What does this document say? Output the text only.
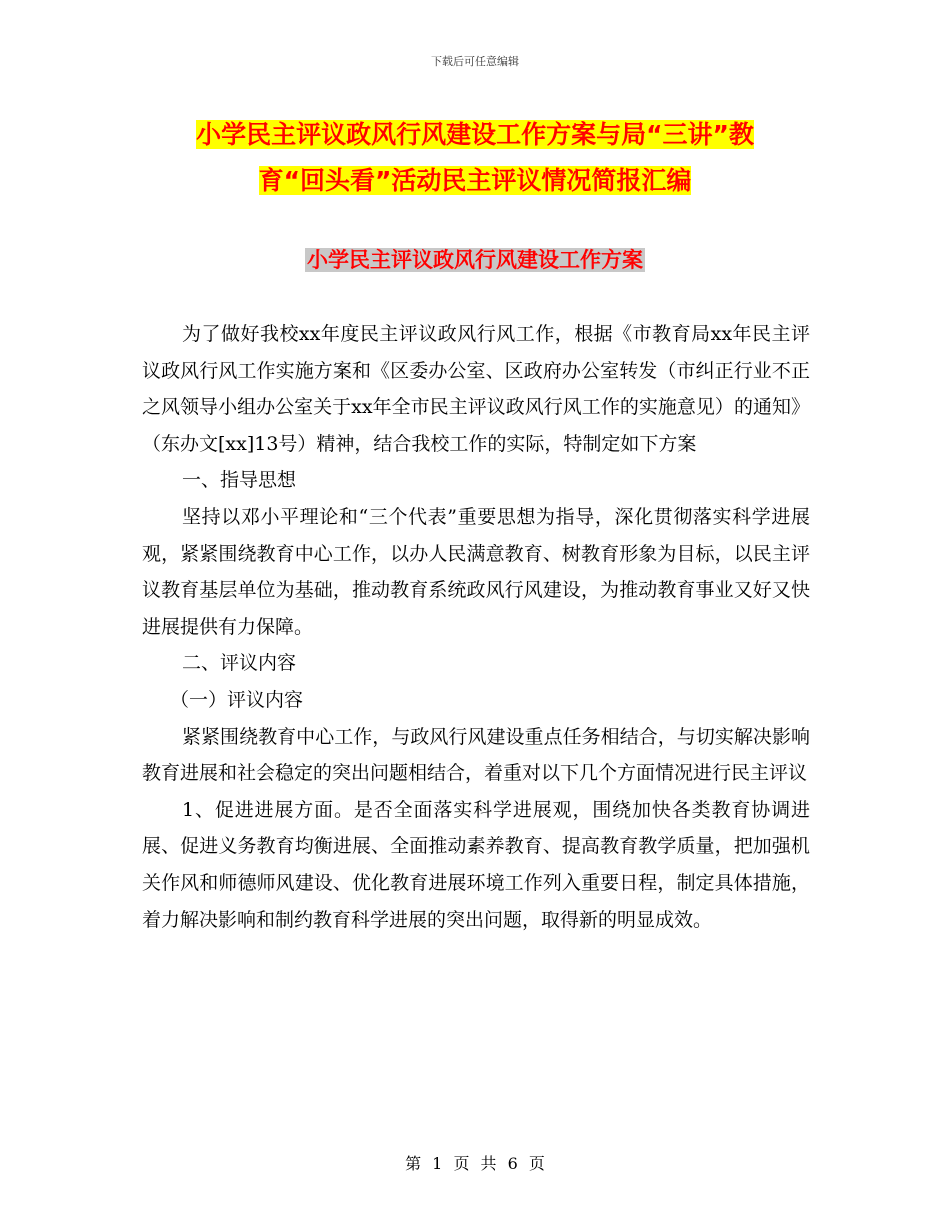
下载后可任意编辑
小学民主评议政风行风建设工作方案与局“三讲”教
育“回头看”活动民主评议情况简报汇编
小学民主评议政风行风建设工作方案

为了做好我校xx年度民主评议政风行风工作，根据《市教育局xx年民主评议政风行风工作实施方案和《区委办公室、区政府办公室转发（市纠正行业不正之风领导小组办公室关于xx年全市民主评议政风行风工作的实施意见）的通知》（东办文[xx]13号）精神，结合我校工作的实际，特制定如下方案

一、指导思想

坚持以邓小平理论和“三个代表”重要思想为指导，深化贯彻落实科学进展观，紧紧围绕教育中心工作，以办人民满意教育、树教育形象为目标，以民主评议教育基层单位为基础，推动教育系统政风行风建设，为推动教育事业又好又快进展提供有力保障。

二、评议内容

（一）评议内容

紧紧围绕教育中心工作，与政风行风建设重点任务相结合，与切实解决影响教育进展和社会稳定的突出问题相结合，着重对以下几个方面情况进行民主评议

1、促进进展方面。是否全面落实科学进展观，围绕加快各类教育协调进展、促进义务教育均衡进展、全面推动素养教育、提高教育教学质量，把加强机关作风和师德师风建设、优化教育进展环境工作列入重要日程，制定具体措施，着力解决影响和制约教育科学进展的突出问题，取得新的明显成效。

第 1 页 共 6 页
